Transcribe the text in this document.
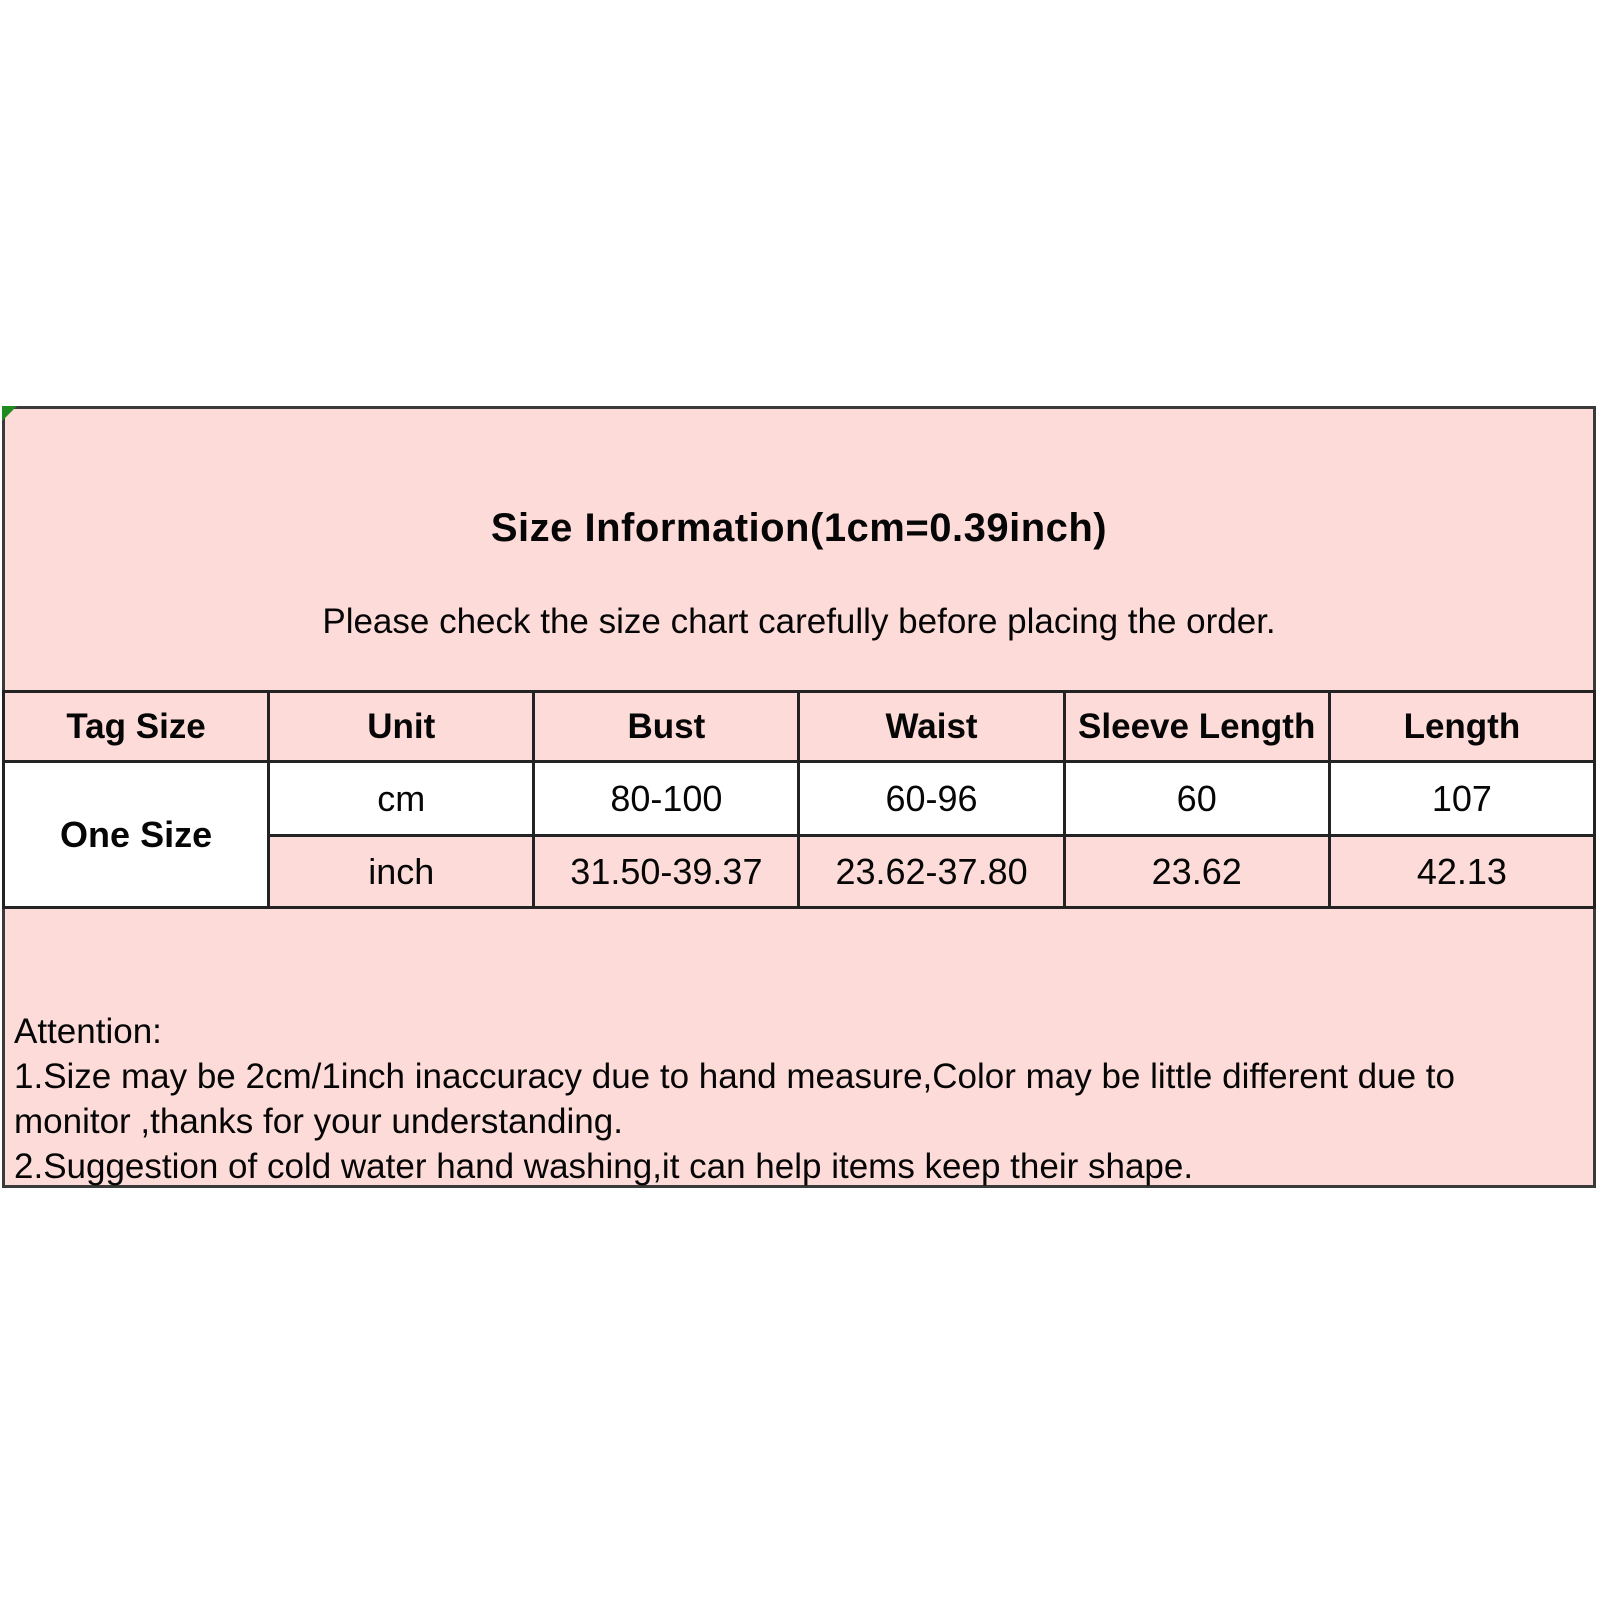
Size Information(1cm=0.39inch)
Please check the size chart carefully before placing the order.
Tag Size	Unit	Bust	Waist	Sleeve Length	Length
One Size	cm	80-100	60-96	60	107
	inch	31.50-39.37	23.62-37.80	23.62	42.13
Attention:
1.Size may be 2cm/1inch inaccuracy due to hand measure,Color may be little different due to
monitor ,thanks for your understanding.
2.Suggestion of cold water hand washing,it can help items keep their shape.
